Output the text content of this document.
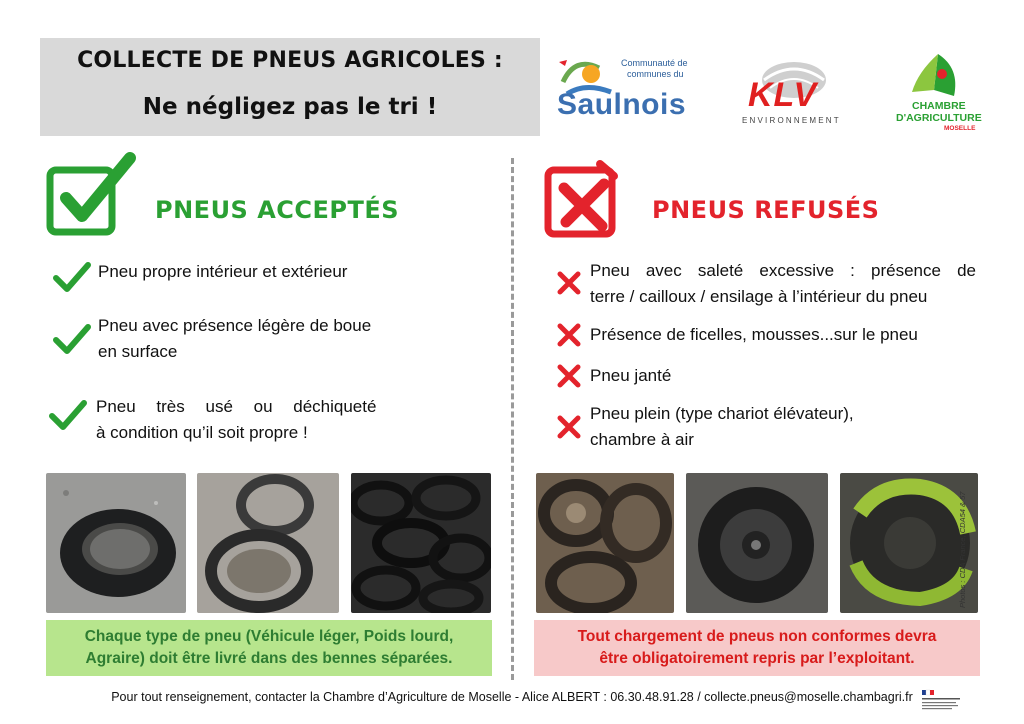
COLLECTE DE PNEUS AGRICOLES :
Ne négligez pas le tri !
Communauté de
communes du
Saulnois KLV
ENVIRONNEMENT
CHAMBRE
D'AGRICULTURE
MOSELLE
PNEUS ACCEPTÉS
Pneu propre intérieur et extérieur
Pneu avec présence légère de boue
en surface
Pneu très usé ou déchiqueté
à condition qu’il soit propre !
PNEUS REFUSÉS
Pneu avec saleté excessive : présence de
terre / cailloux / ensilage à l’intérieur du pneu
Présence de ficelles, mousses...sur le pneu
Pneu janté
Pneu plein (type chariot élévateur),
chambre à air
Photos : CDA France, CDA54 & 57
Chaque type de pneu (Véhicule léger, Poids lourd,
Agraire) doit être livré dans des bennes séparées.
Tout chargement de pneus non conformes devra
être obligatoirement repris par l’exploitant.
Pour tout renseignement, contacter la Chambre d’Agriculture de Moselle - Alice ALBERT : 06.30.48.91.28 / collecte.pneus@moselle.chambagri.fr
